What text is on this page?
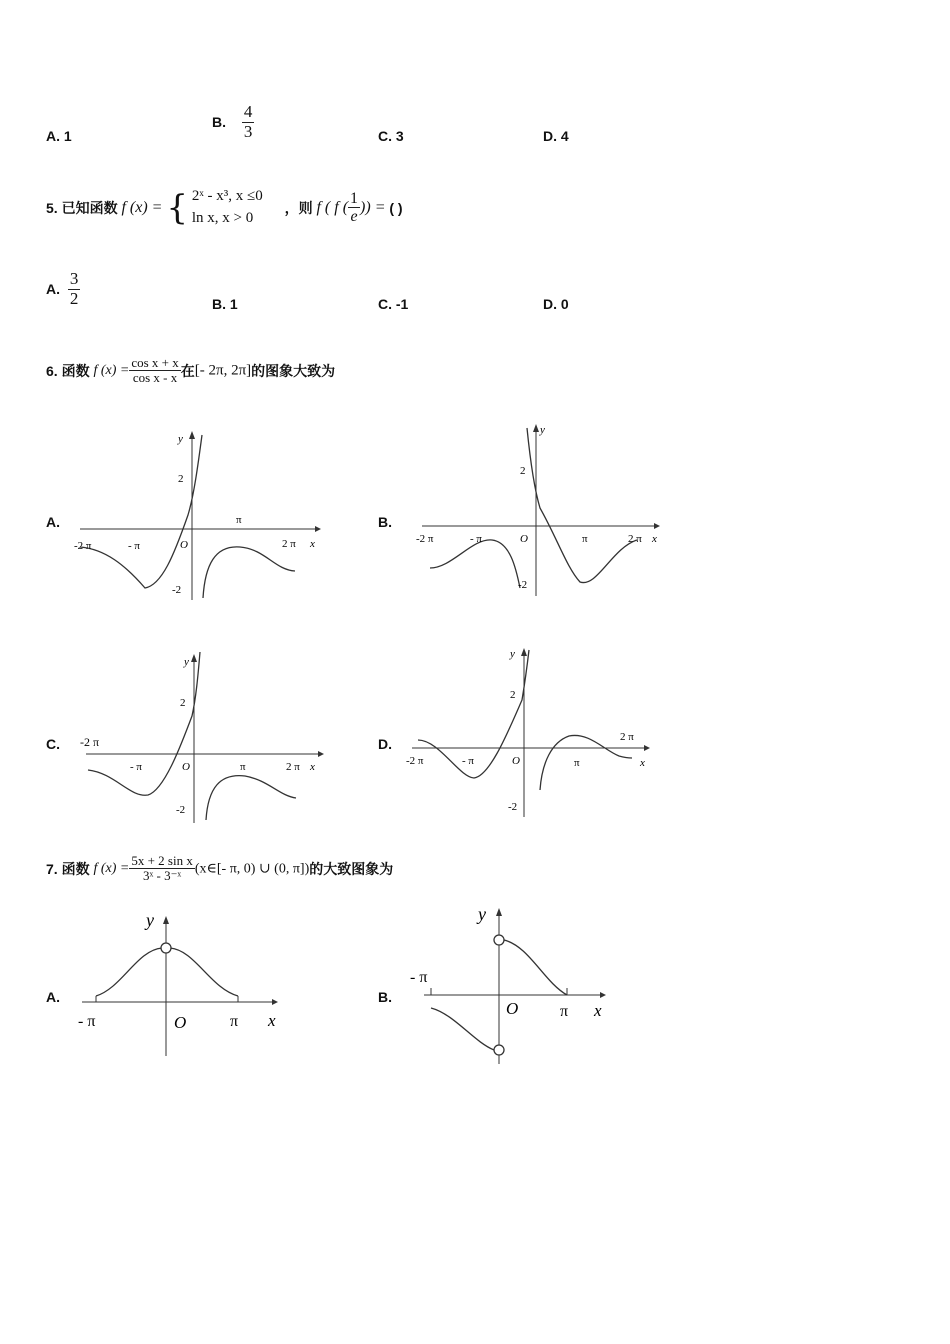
A. 1
B. $\frac{4}{3}$	C. 3	D. 4
5. 已知函数 f (x) = { 2ˣ - x³, x ≤0
ln x, x > 0
，则 f ( f ( $\frac{1}{e}$ )) = ( )
A. $\frac{3}{2}$	B. 1	C. -1	D. 0
6. 函数 f $(x) = \frac{\text{cos x + x}}{\text{cos x - x}}$ 在[- 2π, 2π]的图象大致为
A.	B.
C.	D.
y
x
2
-2
O
-2 π	- π
π
2 π
y
2
-2
O
-2 π	- π	π	2 π x
y
-2 π
2
-2
O
- π	π	2 π x
y
2
-2
O
-2 π	- π	π
2 π
x
7. 函数 f $(x) = \frac{\text{5x + 2 sin x}}{\text{3ˣ - 3⁻ˣ}}$ (x∈[- π, 0) ∪ (0, π])的大致图象为
A.	B.
y
x
O
- π	π
y
- π
O	π x
